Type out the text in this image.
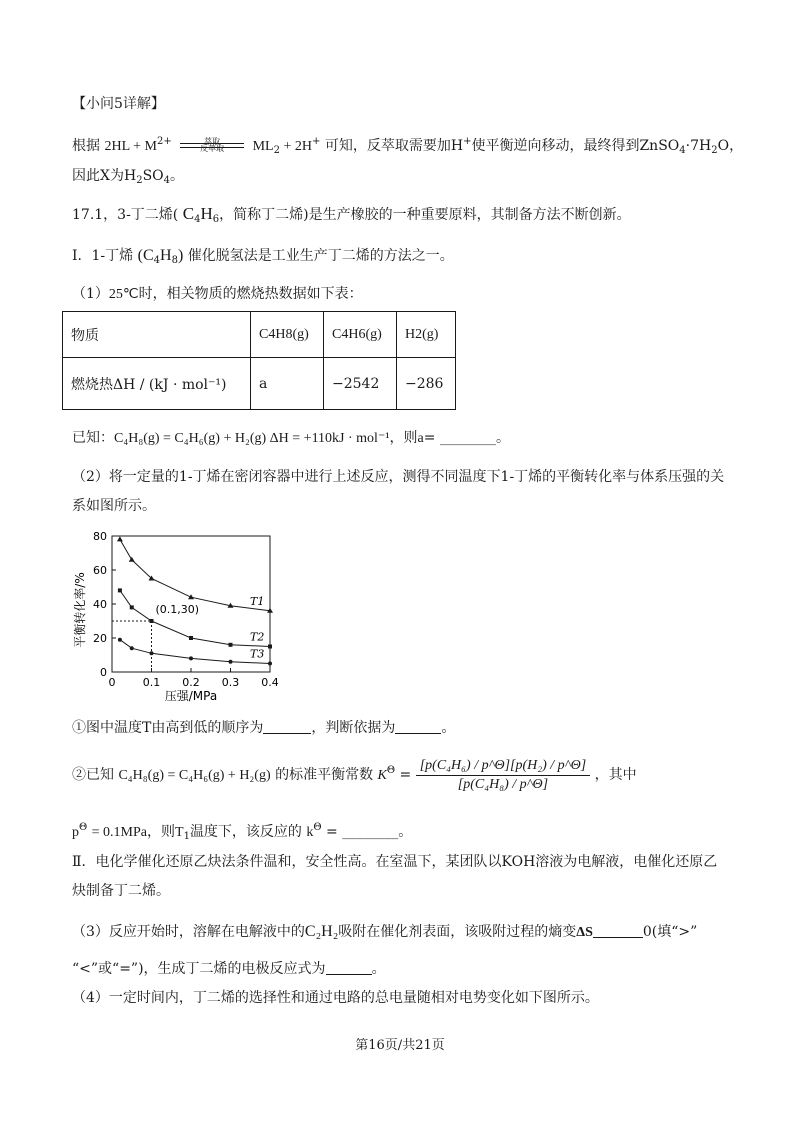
【小问5详解】
根据 $2HL + M^{2+}$	萃取
反萃取	$ML_2 + 2H^+$ 可知，反萃取需要加H+使平衡逆向移动，最终得到$ZnSO_4\cdot 7H_2O$，
因此X为$H_2SO_4$。
17.1，3-丁二烯( $C_4H_6$，简称丁二烯)是生产橡胶的一种重要原料，其制备方法不断创新。
Ⅰ．1-丁烯 $(C_4H_8)$ 催化脱氢法是工业生产丁二烯的方法之一。
（1）25℃时，相关物质的燃烧热数据如下表：
物质	C4H8(g)	C4H6(g)	H2(g)
燃烧热ΔH / (kJ · mol⁻¹)	a	−2542	−286
已知：C₄H₈(g) = C₄H₆(g) + H₂(g) ΔH = +110kJ · mol⁻¹，则a= ________。
（2）将一定量的1-丁烯在密闭容器中进行上述反应，测得不同温度下1-丁烯的平衡转化率与体系压强的关
系如图所示。
0 0.1 0.2 0.3 0.4
0
20
40
60
80
(0.1,30)
T1
T2
T3
平衡转化率/%
压强/MPa
①图中温度T由高到低的顺序为	，判断依据为	。
②已知 C₄H₈(g) = C₄H₆(g) + H₂(g) 的标准平衡常数 $K^\Theta = \frac{\text{[p(C₄H₆) / p\textasciicircum{}Θ][p(H₂) / p\textasciicircum{}Θ]}}{\text{[p(C₄H₈) / p\textasciicircum{}Θ]}}$ ，其中
$p^\Theta = 0.1MPa$，则$T_1$温度下，该反应的 $k^\Theta$ = ________。
Ⅱ．电化学催化还原乙炔法条件温和，安全性高。在室温下，某团队以KOH溶液为电解液，电催化还原乙
炔制备丁二烯。
（3）反应开始时，溶解在电解液中的C₂H₂吸附在催化剂表面，该吸附过程的熵变ΔS	0(填“>”
“<”或“=”)，生成丁二烯的电极反应式为	。
（4）一定时间内，丁二烯的选择性和通过电路的总电量随相对电势变化如下图所示。
第16页/共21页
